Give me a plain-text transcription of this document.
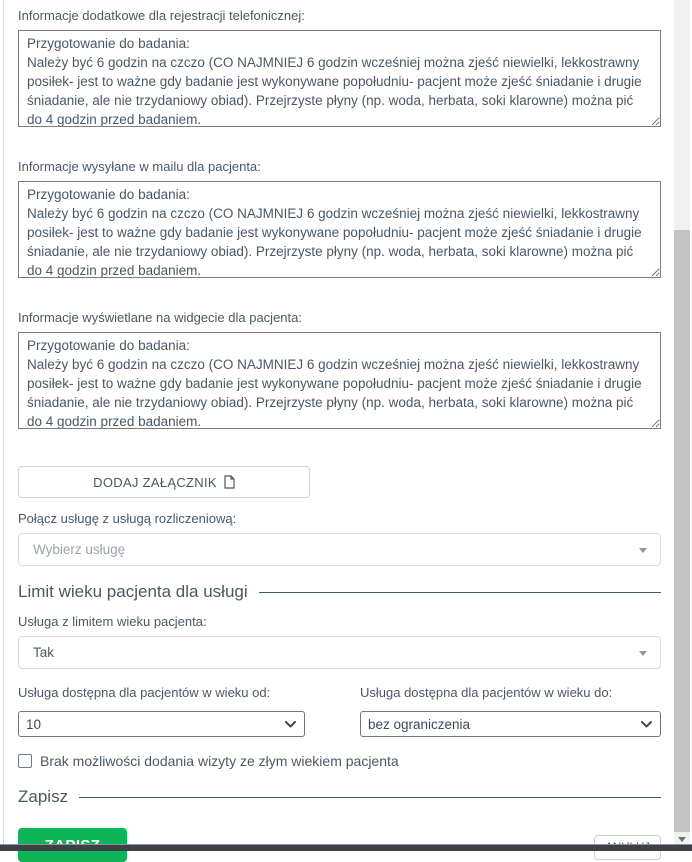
Informacje dodatkowe dla rejestracji telefonicznej:
Przygotowanie do badania: Należy być 6 godzin na czczo (CO NAJMNIEJ 6 godzin wcześniej można zjeść niewielki, lekkostrawny posiłek- jest to ważne gdy badanie jest wykonywane popołudniu- pacjent może zjeść śniadanie i drugie śniadanie, ale nie trzydaniowy obiad). Przejrzyste płyny (np. woda, herbata, soki klarowne) można pić do 4 godzin przed badaniem.
Informacje wysyłane w mailu dla pacjenta:
Przygotowanie do badania: Należy być 6 godzin na czczo (CO NAJMNIEJ 6 godzin wcześniej można zjeść niewielki, lekkostrawny posiłek- jest to ważne gdy badanie jest wykonywane popołudniu- pacjent może zjeść śniadanie i drugie śniadanie, ale nie trzydaniowy obiad). Przejrzyste płyny (np. woda, herbata, soki klarowne) można pić do 4 godzin przed badaniem.
Informacje wyświetlane na widgecie dla pacjenta:
Przygotowanie do badania: Należy być 6 godzin na czczo (CO NAJMNIEJ 6 godzin wcześniej można zjeść niewielki, lekkostrawny posiłek- jest to ważne gdy badanie jest wykonywane popołudniu- pacjent może zjeść śniadanie i drugie śniadanie, ale nie trzydaniowy obiad). Przejrzyste płyny (np. woda, herbata, soki klarowne) można pić do 4 godzin przed badaniem.
DODAJ ZAŁĄCZNIK
Połącz usługę z usługą rozliczeniową:
Wybierz usługę
Limit wieku pacjenta dla usługi
Usługa z limitem wieku pacjenta:
Tak
Usługa dostępna dla pacjentów w wieku od:
10
Usługa dostępna dla pacjentów w wieku do:
bez ograniczenia
Brak możliwości dodania wizyty ze złym wiekiem pacjenta
Zapisz
